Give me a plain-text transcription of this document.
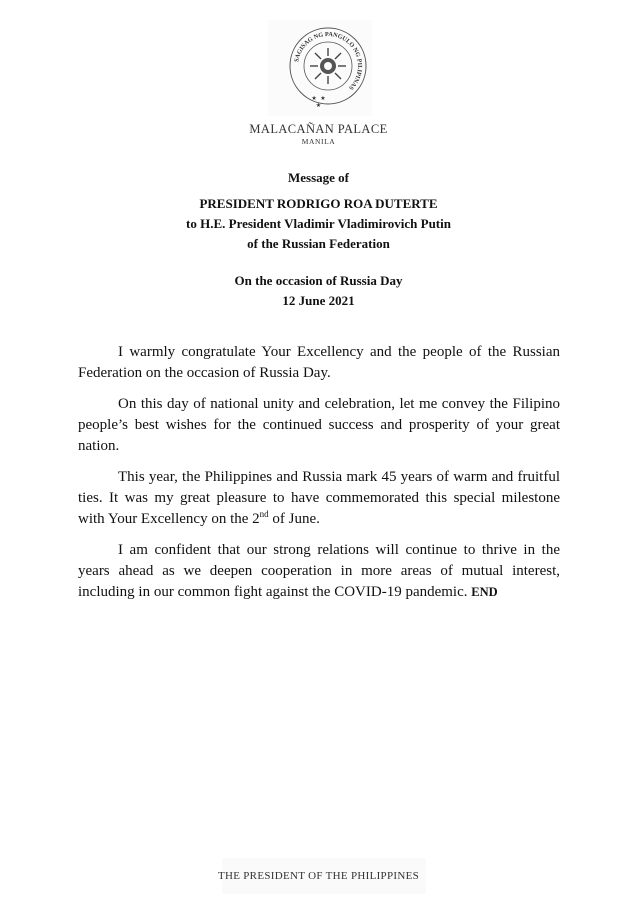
SAGISAG NG PANGULO NG PILIPINAS
★ ★ ★
MALACAÑAN PALACE
MANILA
Message of
PRESIDENT RODRIGO ROA DUTERTE
to H.E. President Vladimir Vladimirovich Putin
of the Russian Federation
On the occasion of Russia Day
12 June 2021

I warmly congratulate Your Excellency and the people of the Russian Federation on the occasion of Russia Day.

On this day of national unity and celebration, let me convey the Filipino people’s best wishes for the continued success and prosperity of your great nation.

This year, the Philippines and Russia mark 45 years of warm and fruitful ties. It was my great pleasure to have commemorated this special milestone with Your Excellency on the 2nd of June.

I am confident that our strong relations will continue to thrive in the years ahead as we deepen cooperation in more areas of mutual interest, including in our common fight against the COVID-19 pandemic. END

THE PRESIDENT OF THE PHILIPPINES
